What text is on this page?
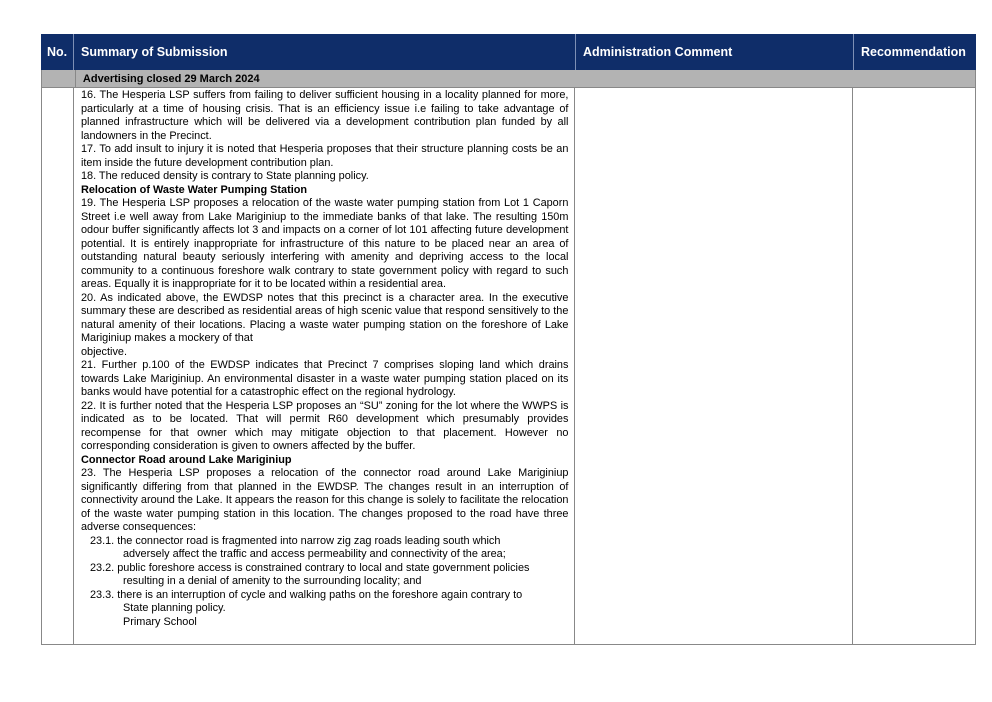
No.	Summary of Submission	Administration Comment	Recommendation
Advertising closed 29 March 2024

16. The Hesperia LSP suffers from failing to deliver sufficient housing in a locality planned for more, particularly at a time of housing crisis. That is an efficiency issue i.e failing to take advantage of planned infrastructure which will be delivered via a development contribution plan funded by all landowners in the Precinct.

17. To add insult to injury it is noted that Hesperia proposes that their structure planning costs be an item inside the future development contribution plan.

18. The reduced density is contrary to State planning policy.

Relocation of Waste Water Pumping Station

19. The Hesperia LSP proposes a relocation of the waste water pumping station from Lot 1 Caporn Street i.e well away from Lake Mariginiup to the immediate banks of that lake. The resulting 150m odour buffer significantly affects lot 3 and impacts on a corner of lot 101 affecting future development potential. It is entirely inappropriate for infrastructure of this nature to be placed near an area of outstanding natural beauty seriously interfering with amenity and depriving access to the local community to a continuous foreshore walk contrary to state government policy with regard to such areas. Equally it is inappropriate for it to be located within a residential area.

20. As indicated above, the EWDSP notes that this precinct is a character area. In the executive summary these are described as residential areas of high scenic value that respond sensitively to the natural amenity of their locations. Placing a waste water pumping station on the foreshore of Lake Mariginiup makes a mockery of that

objective.

21. Further p.100 of the EWDSP indicates that Precinct 7 comprises sloping land which drains towards Lake Mariginiup. An environmental disaster in a waste water pumping station placed on its banks would have potential for a catastrophic effect on the regional hydrology.

22. It is further noted that the Hesperia LSP proposes an “SU” zoning for the lot where the WWPS is indicated as to be located. That will permit R60 development which presumably provides recompense for that owner which may mitigate objection to that placement. However no corresponding consideration is given to owners affected by the buffer.

Connector Road around Lake Mariginiup

23. The Hesperia LSP proposes a relocation of the connector road around Lake Mariginiup significantly differing from that planned in the EWDSP. The changes result in an interruption of connectivity around the Lake. It appears the reason for this change is solely to facilitate the relocation of the waste water pumping station in this location. The changes proposed to the road have three adverse consequences:

23.1. the connector road is fragmented into narrow zig zag roads leading south which
adversely affect the traffic and access permeability and connectivity of the area;

23.2. public foreshore access is constrained contrary to local and state government policies
resulting in a denial of amenity to the surrounding locality; and

23.3. there is an interruption of cycle and walking paths on the foreshore again contrary to
State planning policy.

Primary School
